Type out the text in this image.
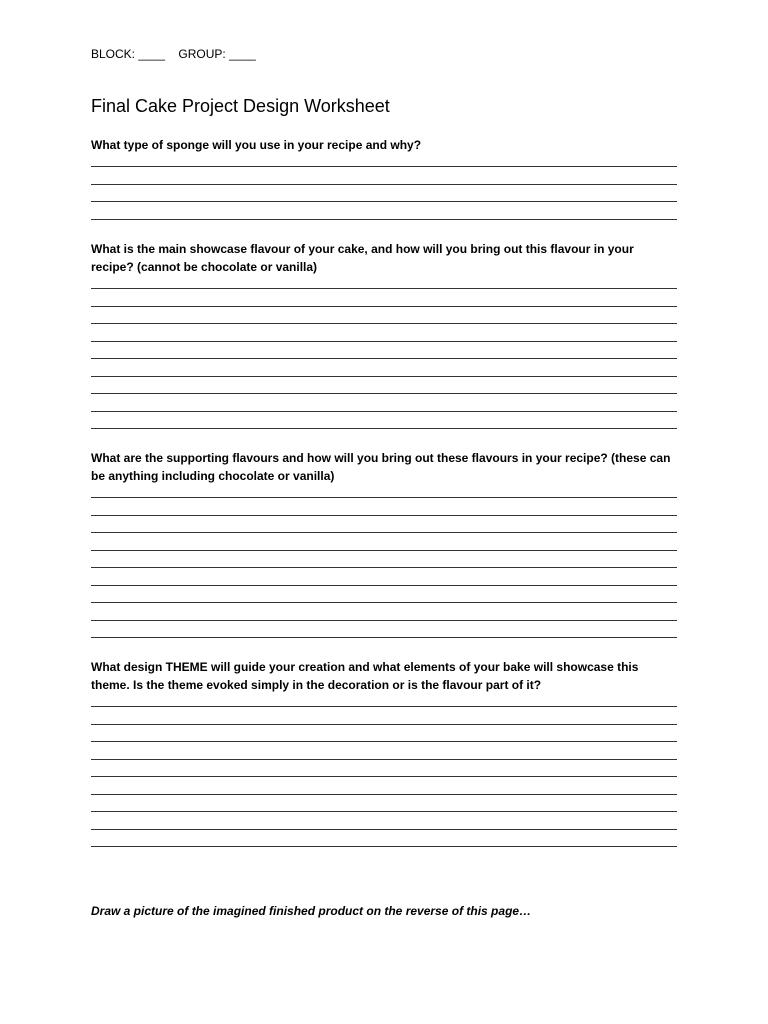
BLOCK: ____ GROUP: ____
Final Cake Project Design Worksheet

What type of sponge will you use in your recipe and why?

What is the main showcase flavour of your cake, and how will you bring out this flavour in your recipe? (cannot be chocolate or vanilla)

What are the supporting flavours and how will you bring out these flavours in your recipe? (these can be anything including chocolate or vanilla)

What design THEME will guide your creation and what elements of your bake will showcase this theme. Is the theme evoked simply in the decoration or is the flavour part of it?

Draw a picture of the imagined finished product on the reverse of this page…
